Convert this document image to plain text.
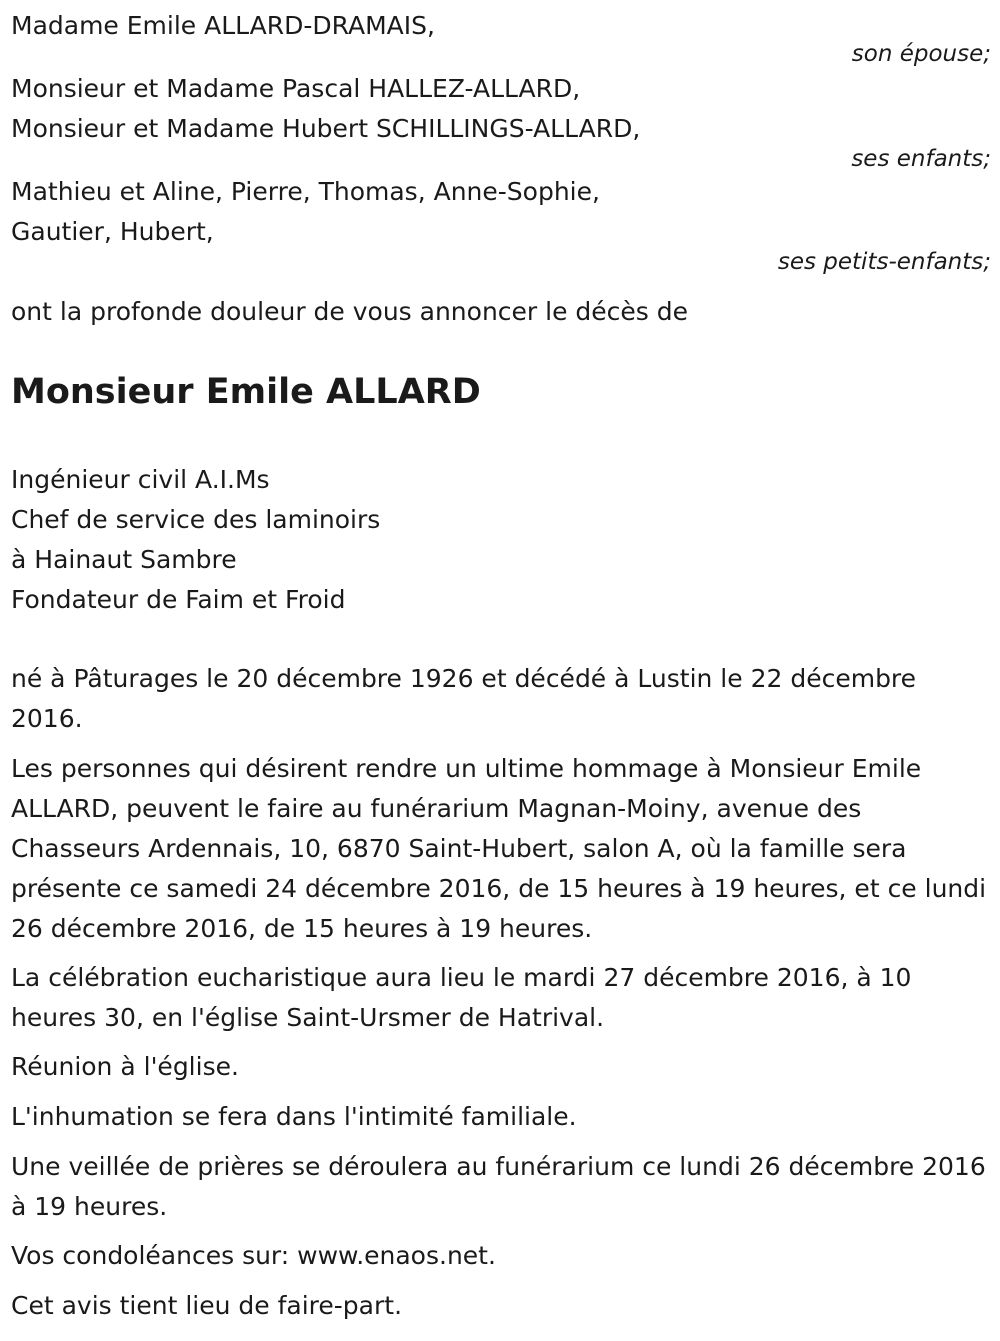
Madame Emile ALLARD-DRAMAIS,

son épouse;

Monsieur et Madame Pascal HALLEZ-ALLARD,

Monsieur et Madame Hubert SCHILLINGS-ALLARD,

ses enfants;

Mathieu et Aline, Pierre, Thomas, Anne-Sophie,

Gautier, Hubert,

ses petits-enfants;

ont la profonde douleur de vous annoncer le décès de

Monsieur Emile ALLARD

Ingénieur civil A.I.Ms

Chef de service des laminoirs

à Hainaut Sambre

Fondateur de Faim et Froid

né à Pâturages le 20 décembre 1926 et décédé à Lustin le 22 décembre 2016.

Les personnes qui désirent rendre un ultime hommage à Monsieur Emile ALLARD, peuvent le faire au funérarium Magnan-Moiny, avenue des Chasseurs Ardennais, 10, 6870 Saint-Hubert, salon A, où la famille sera présente ce samedi 24 décembre 2016, de 15 heures à 19 heures, et ce lundi 26 décembre 2016, de 15 heures à 19 heures.

La célébration eucharistique aura lieu le mardi 27 décembre 2016, à 10 heures 30, en l'église Saint-Ursmer de Hatrival.

Réunion à l'église.

L'inhumation se fera dans l'intimité familiale.

Une veillée de prières se déroulera au funérarium ce lundi 26 décembre 2016 à 19 heures.

Vos condoléances sur: www.enaos.net.

Cet avis tient lieu de faire-part.
